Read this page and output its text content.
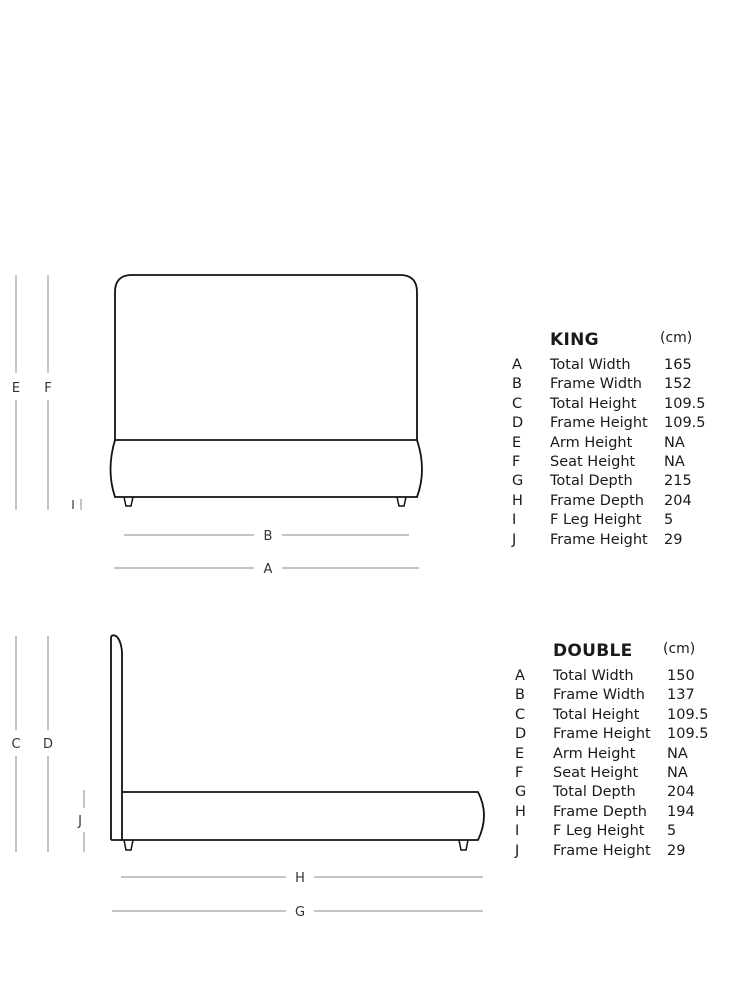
E F
I
B
A
C D
J
H
G
KING	(cm)
A	Total Width 165
B	Frame Width 152
C	Total Height 109.5
D	Frame Height 109.5
E	Arm Height NA
F	Seat Height NA
G	Total Depth 215
H	Frame Depth 204
I	F Leg Height 5
J	Frame Height 29
DOUBLE (cm)
A	Total Width 150
B	Frame Width 137
C	Total Height 109.5
D	Frame Height 109.5
E	Arm Height NA
F	Seat Height NA
G	Total Depth 204
H	Frame Depth 194
I	F Leg Height 5
J	Frame Height 29
